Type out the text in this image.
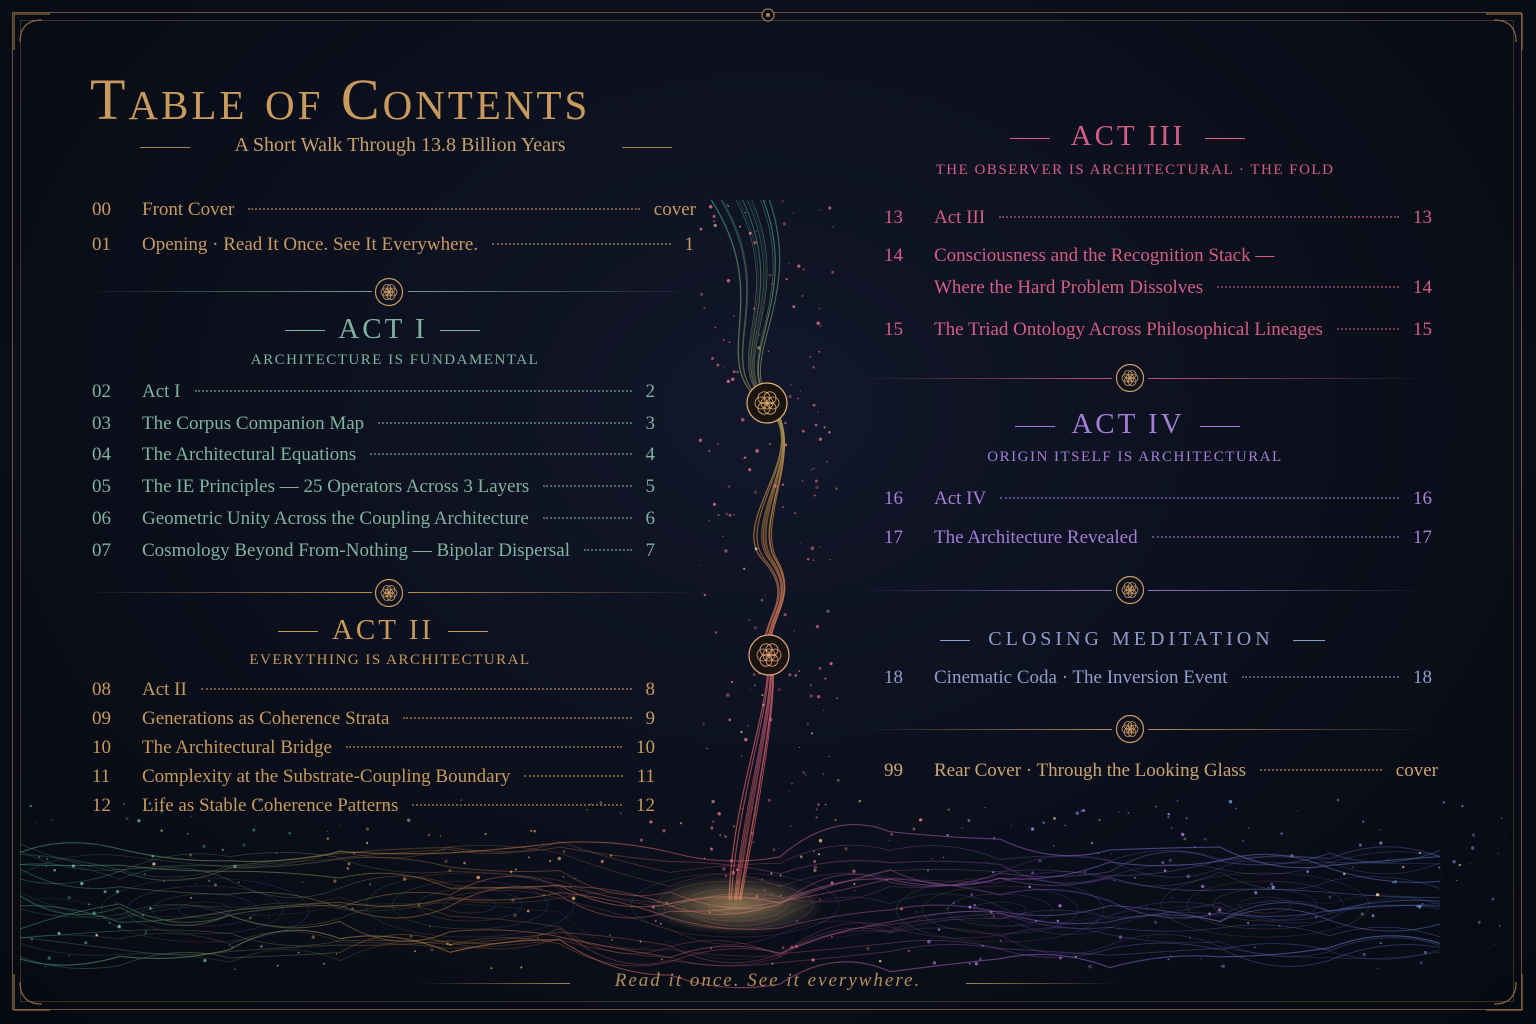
Table of Contents
A Short Walk Through 13.8 Billion Years
00	Front Cover	cover
01	Opening · Read It Once. See It Everywhere.	1
ACT I
ARCHITECTURE IS FUNDAMENTAL
02	Act I	2
03	The Corpus Companion Map	3
04	The Architectural Equations	4
05	The IE Principles — 25 Operators Across 3 Layers	5
06	Geometric Unity Across the Coupling Architecture	6
07	Cosmology Beyond From-Nothing — Bipolar Dispersal	7
ACT II
EVERYTHING IS ARCHITECTURAL
08	Act II	8
09	Generations as Coherence Strata	9
10	The Architectural Bridge	10
11	Complexity at the Substrate-Coupling Boundary	11
12	Life as Stable Coherence Patterns	12
ACT III
THE OBSERVER IS ARCHITECTURAL · THE FOLD
13	Act III	13
14	Consciousness and the Recognition Stack —
Where the Hard Problem Dissolves	14
15	The Triad Ontology Across Philosophical Lineages	15
ACT IV
ORIGIN ITSELF IS ARCHITECTURAL
16	Act IV	16
17	The Architecture Revealed	17
CLOSING MEDITATION
18	Cinematic Coda · The Inversion Event	18
99	Rear Cover · Through the Looking Glass	cover
Read it once. See it everywhere.
